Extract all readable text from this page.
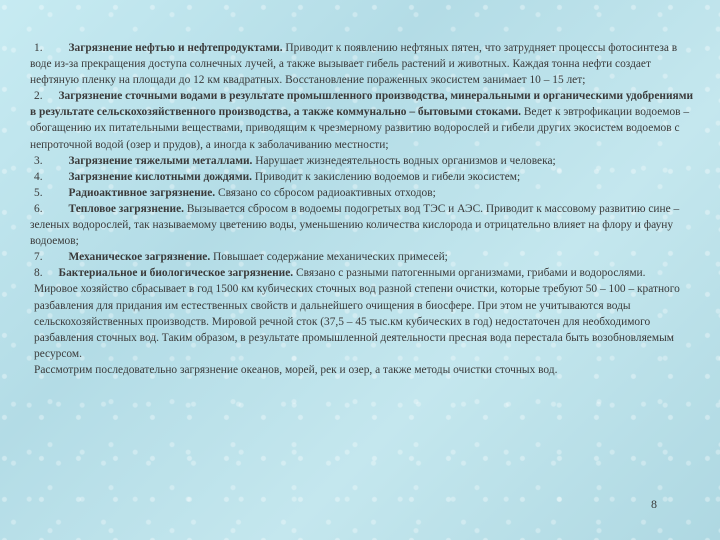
1. Загрязнение нефтью и нефтепродуктами. Приводит к появлению нефтяных пятен, что затрудняет процессы фотосинтеза в воде из-за прекращения доступа солнечных лучей, а также вызывает гибель растений и животных. Каждая тонна нефти создает нефтяную пленку на площади до 12 км квадратных. Восстановление пораженных экосистем занимает 10 – 15 лет;

2. Загрязнение сточными водами в результате промышленного производства, минеральными и органическими удобрениями в результате сельскохозяйственного производства, а также коммунально – бытовыми стоками. Ведет к эвтрофикации водоемов – обогащению их питательными веществами, приводящим к чрезмерному развитию водорослей и гибели других экосистем водоемов с непроточной водой (озер и прудов), а иногда к заболачиванию местности;

3. Загрязнение тяжелыми металлами. Нарушает жизнедеятельность водных организмов и человека;

4. Загрязнение кислотными дождями. Приводит к закислению водоемов и гибели экосистем;

5. Радиоактивное загрязнение. Связано со сбросом радиоактивных отходов;

6. Тепловое загрязнение. Вызывается сбросом в водоемы подогретых вод ТЭС и АЭС. Приводит к массовому развитию сине – зеленых водорослей, так называемому цветению воды, уменьшению количества кислорода и отрицательно влияет на флору и фауну водоемов;

7. Механическое загрязнение. Повышает содержание механических примесей;

8. Бактериальное и биологическое загрязнение. Связано с разными патогенными организмами, грибами и водорослями.

Мировое хозяйство сбрасывает в год 1500 км кубических сточных вод разной степени очистки, которые требуют 50 – 100 – кратного разбавления для придания им естественных свойств и дальнейшего очищения в биосфере. При этом не учитываются воды сельскохозяйственных производств. Мировой речной сток (37,5 – 45 тыс.км кубических в год) недостаточен для необходимого разбавления сточных вод. Таким образом, в результате промышленной деятельности пресная вода перестала быть возобновляемым ресурсом.

Рассмотрим последовательно загрязнение океанов, морей, рек и озер, а также методы очистки сточных вод.

8
